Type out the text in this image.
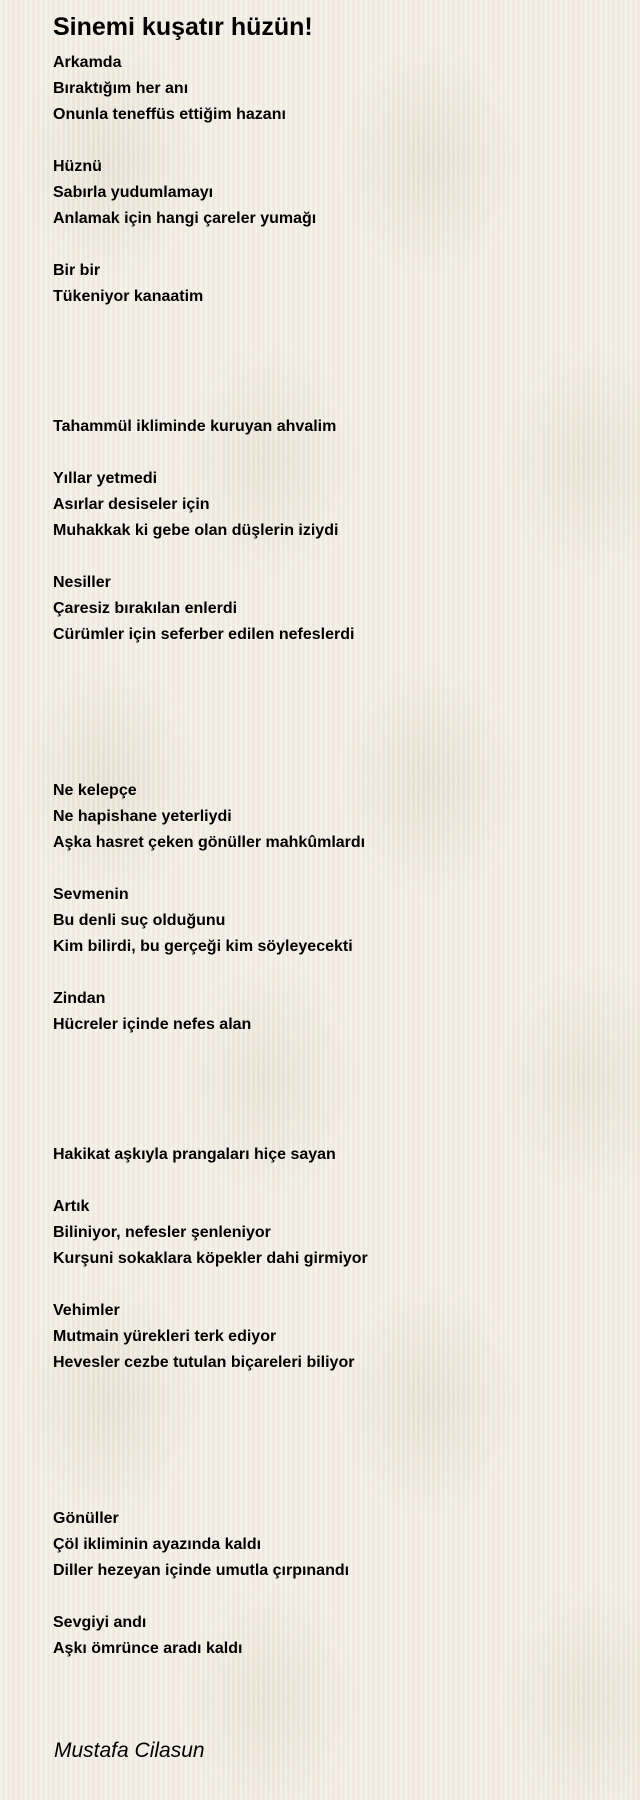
Sinemi kuşatır hüzün!
Arkamda
Bıraktığım her anı
Onunla teneffüs ettiğim hazanı
Hüznü
Sabırla yudumlamayı
Anlamak için hangi çareler yumağı
Bir bir
Tükeniyor kanaatim
Tahammül ikliminde kuruyan ahvalim
Yıllar yetmedi
Asırlar desiseler için
Muhakkak ki gebe olan düşlerin iziydi
Nesiller
Çaresiz bırakılan enlerdi
Cürümler için seferber edilen nefeslerdi
Ne kelepçe
Ne hapishane yeterliydi
Aşka hasret çeken gönüller mahkûmlardı
Sevmenin
Bu denli suç olduğunu
Kim bilirdi, bu gerçeği kim söyleyecekti
Zindan
Hücreler içinde nefes alan
Hakikat aşkıyla prangaları hiçe sayan
Artık
Biliniyor, nefesler şenleniyor
Kurşuni sokaklara köpekler dahi girmiyor
Vehimler
Mutmain yürekleri terk ediyor
Hevesler cezbe tutulan biçareleri biliyor
Gönüller
Çöl ikliminin ayazında kaldı
Diller hezeyan içinde umutla çırpınandı
Sevgiyi andı
Aşkı ömrünce aradı kaldı
Mustafa Cilasun
